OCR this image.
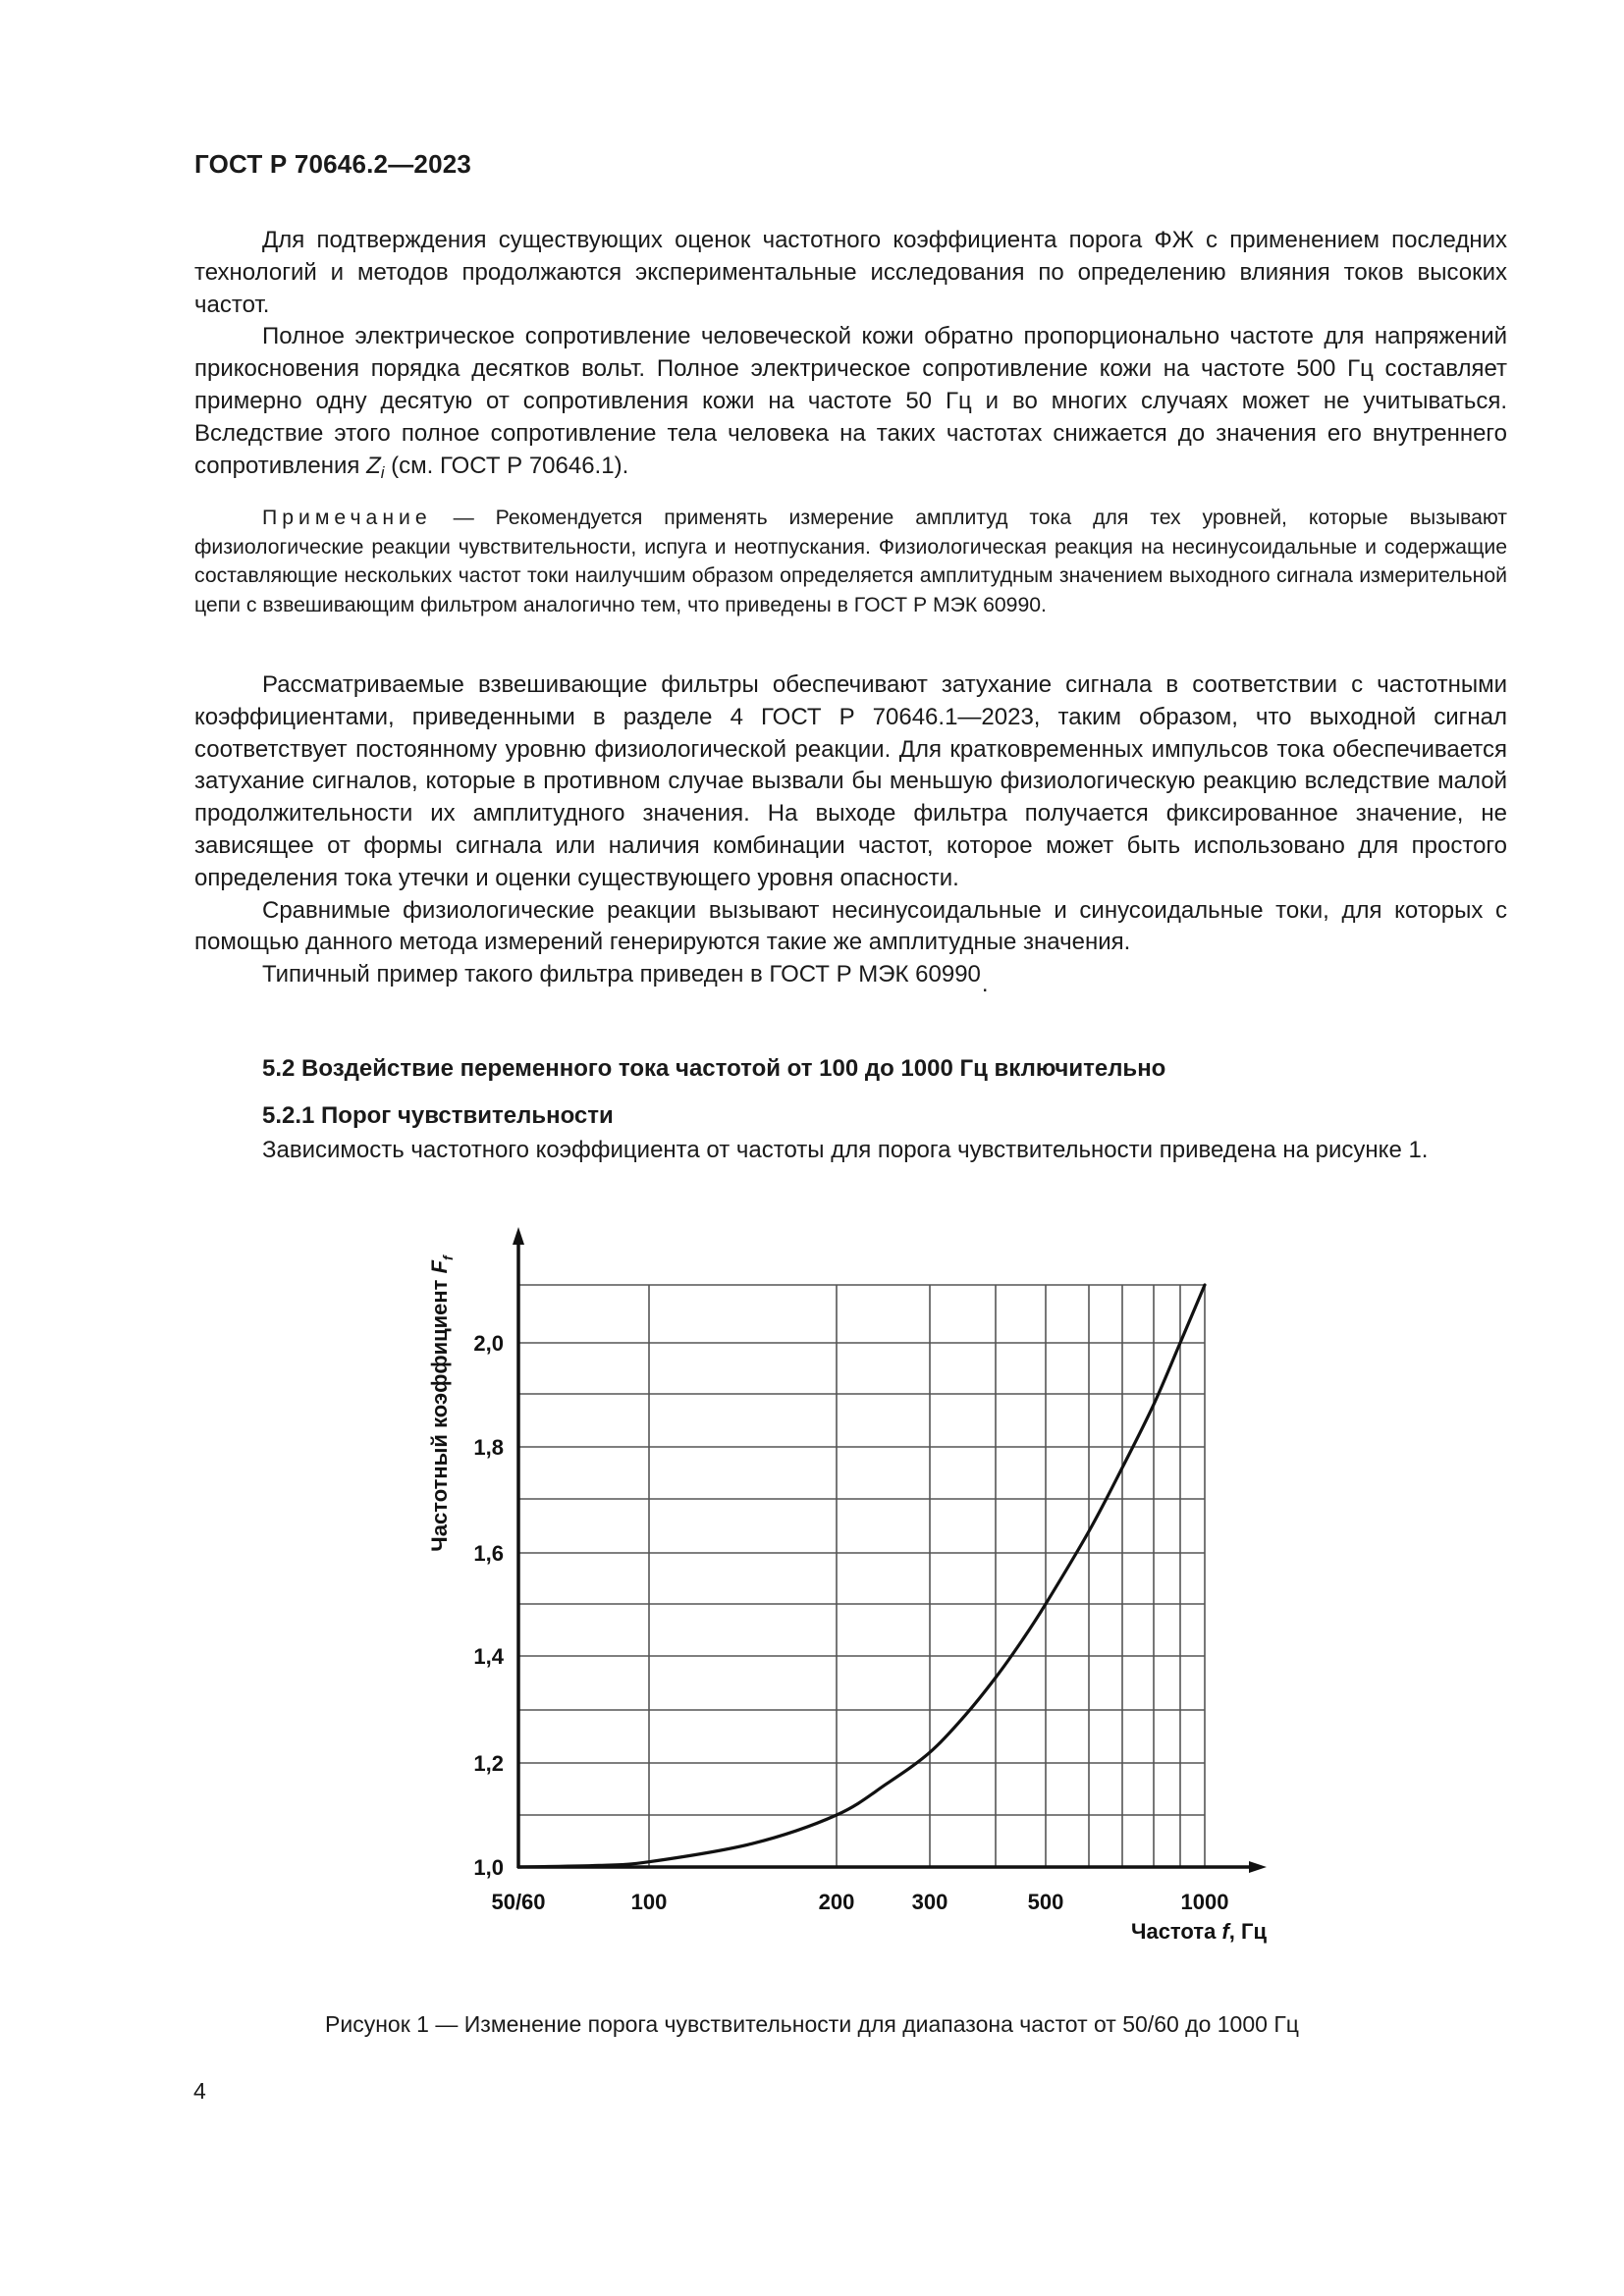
ГОСТ Р 70646.2—2023

Для подтверждения существующих оценок частотного коэффициента порога ФЖ с применением последних технологий и методов продолжаются экспериментальные исследования по определению влияния токов высоких частот.

Полное электрическое сопротивление человеческой кожи обратно пропорционально частоте для напряжений прикосновения порядка десятков вольт. Полное электрическое сопротивление кожи на частоте 500 Гц составляет примерно одну десятую от сопротивления кожи на частоте 50 Гц и во многих случаях может не учитываться. Вследствие этого полное сопротивление тела человека на таких частотах снижается до значения его внутреннего сопротивления $Z_i$ (см. ГОСТ Р 70646.1).

Примечание — Рекомендуется применять измерение амплитуд тока для тех уровней, которые вызывают физиологические реакции чувствительности, испуга и неотпускания. Физиологическая реакция на несинусоидальные и содержащие составляющие нескольких частот токи наилучшим образом определяется амплитудным значением выходного сигнала измерительной цепи с взвешивающим фильтром аналогично тем, что приведены в ГОСТ Р МЭК 60990.

Рассматриваемые взвешивающие фильтры обеспечивают затухание сигнала в соответствии с частотными коэффициентами, приведенными в разделе 4 ГОСТ Р 70646.1—2023, таким образом, что выходной сигнал соответствует постоянному уровню физиологической реакции. Для кратковременных импульсов тока обеспечивается затухание сигналов, которые в противном случае вызвали бы меньшую физиологическую реакцию вследствие малой продолжительности их амплитудного значения. На выходе фильтра получается фиксированное значение, не зависящее от формы сигнала или наличия комбинации частот, которое может быть использовано для простого определения тока утечки и оценки существующего уровня опасности.

Сравнимые физиологические реакции вызывают несинусоидальные и синусоидальные токи, для которых с помощью данного метода измерений генерируются такие же амплитудные значения.

Типичный пример такого фильтра приведен в ГОСТ Р МЭК 60990.

5.2 Воздействие переменного тока частотой от 100 до 1000 Гц включительно
5.2.1 Порог чувствительности

Зависимость частотного коэффициента от частоты для порога чувствительности приведена на рисунке 1.

1,0
1,2
1,4
1,6
1,8
2,0
50/60	100	200	300	500	1000
Частотный коэффициент $F_f$
Частота f, Гц
Рисунок 1 — Изменение порога чувствительности для диапазона частот от 50/60 до 1000 Гц
4
